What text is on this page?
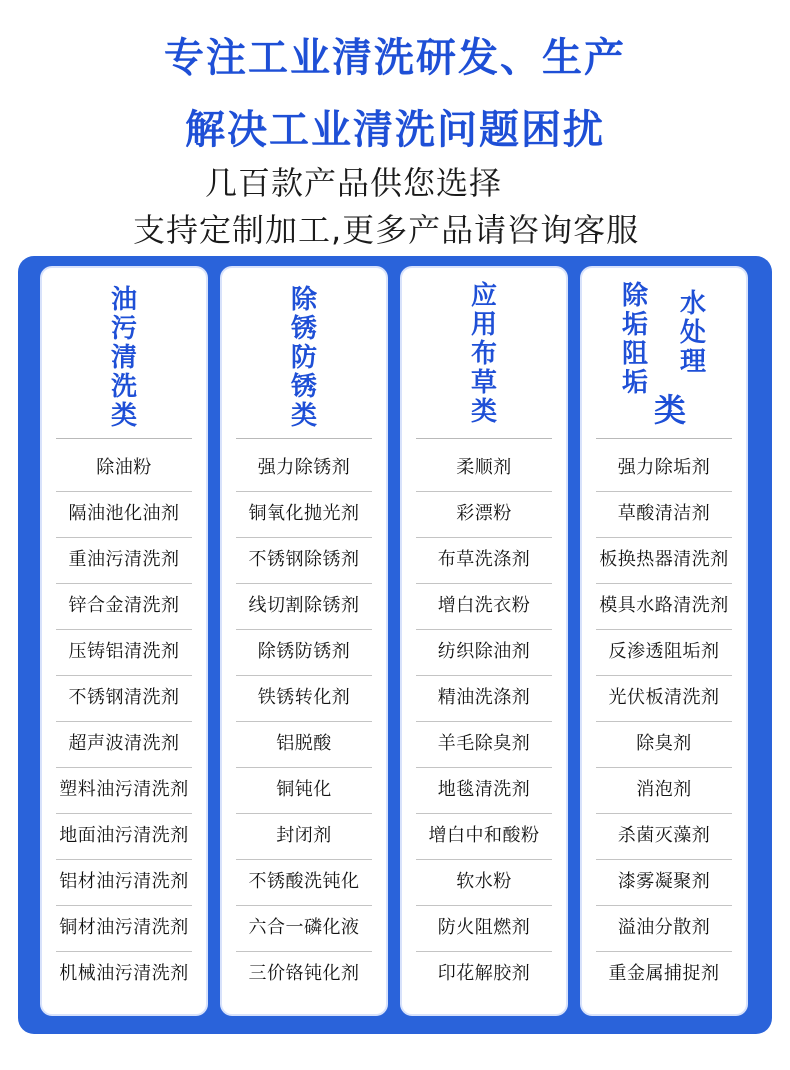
专注工业清洗研发、生产
解决工业清洗问题困扰
几百款产品供您选择
支持定制加工,更多产品请咨询客服
油污清洗类
除油粉
隔油池化油剂
重油污清洗剂
锌合金清洗剂
压铸铝清洗剂
不锈钢清洗剂
超声波清洗剂
塑料油污清洗剂
地面油污清洗剂
铝材油污清洗剂
铜材油污清洗剂
机械油污清洗剂
除锈防锈类
强力除锈剂
铜氧化抛光剂
不锈钢除锈剂
线切割除锈剂
除锈防锈剂
铁锈转化剂
铝脱酸
铜钝化
封闭剂
不锈酸洗钝化
六合一磷化液
三价铬钝化剂
应用布草类
柔顺剂
彩漂粉
布草洗涤剂
增白洗衣粉
纺织除油剂
精油洗涤剂
羊毛除臭剂
地毯清洗剂
增白中和酸粉
软水粉
防火阻燃剂
印花解胶剂
除垢阻垢
水处理
类
强力除垢剂
草酸清洁剂
板换热器清洗剂
模具水路清洗剂
反渗透阻垢剂
光伏板清洗剂
除臭剂
消泡剂
杀菌灭藻剂
漆雾凝聚剂
溢油分散剂
重金属捕捉剂
